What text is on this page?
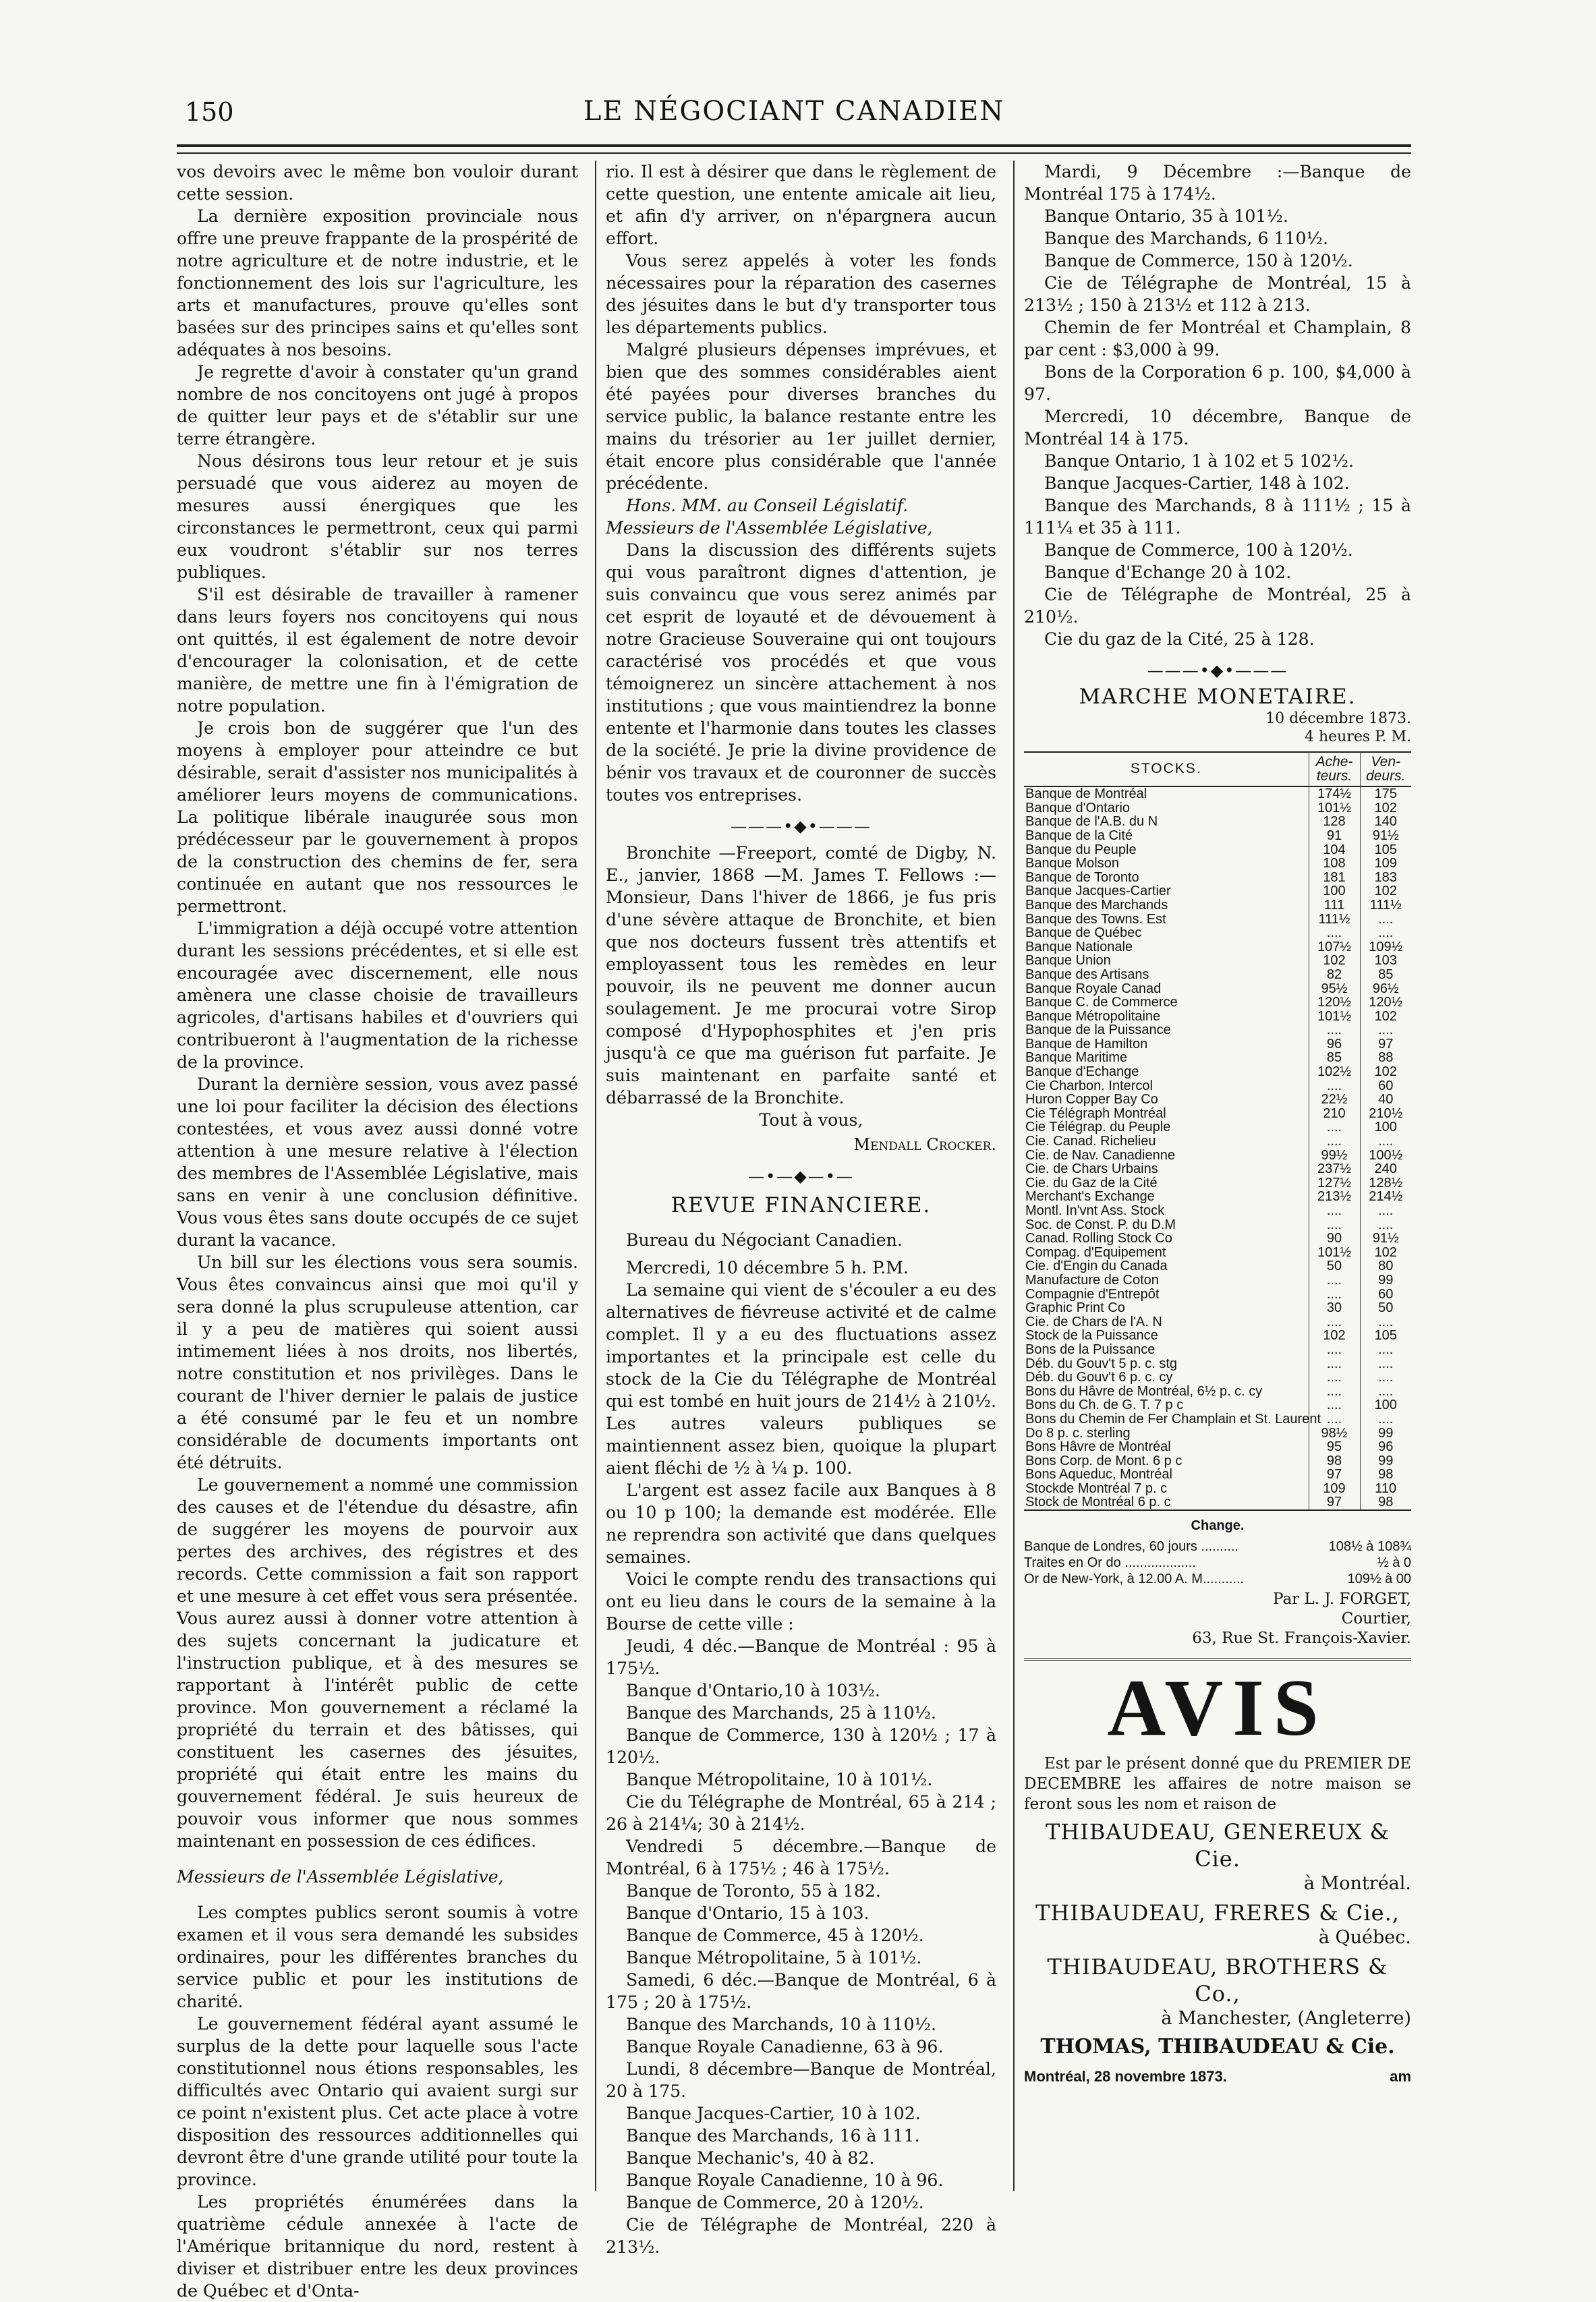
150	LE NÉGOCIANT CANADIEN

vos devoirs avec le même bon vouloir durant cette session.

La dernière exposition provinciale nous offre une preuve frappante de la prospérité de notre agriculture et de notre industrie, et le fonctionnement des lois sur l'agriculture, les arts et manufactures, prouve qu'elles sont basées sur des principes sains et qu'elles sont adéquates à nos besoins.

Je regrette d'avoir à constater qu'un grand nombre de nos concitoyens ont jugé à propos de quitter leur pays et de s'établir sur une terre étrangère.

Nous désirons tous leur retour et je suis persuadé que vous aiderez au moyen de mesures aussi énergiques que les circonstances le permettront, ceux qui parmi eux voudront s'établir sur nos terres publiques.

S'il est désirable de travailler à ramener dans leurs foyers nos concitoyens qui nous ont quittés, il est également de notre devoir d'encourager la colonisation, et de cette manière, de mettre une fin à l'émigration de notre population.

Je crois bon de suggérer que l'un des moyens à employer pour atteindre ce but désirable, serait d'assister nos municipalités à améliorer leurs moyens de communications. La politique libérale inaugurée sous mon prédécesseur par le gouvernement à propos de la construction des chemins de fer, sera continuée en autant que nos ressources le permettront.

L'immigration a déjà occupé votre attention durant les sessions précédentes, et si elle est encouragée avec discernement, elle nous amènera une classe choisie de travailleurs agricoles, d'artisans habiles et d'ouvriers qui contribueront à l'augmentation de la richesse de la province.

Durant la dernière session, vous avez passé une loi pour faciliter la décision des élections contestées, et vous avez aussi donné votre attention à une mesure relative à l'élection des membres de l'Assemblée Législative, mais sans en venir à une conclusion définitive. Vous vous êtes sans doute occupés de ce sujet durant la vacance.

Un bill sur les élections vous sera soumis. Vous êtes convaincus ainsi que moi qu'il y sera donné la plus scrupuleuse attention, car il y a peu de matières qui soient aussi intimement liées à nos droits, nos libertés, notre constitution et nos privilèges. Dans le courant de l'hiver dernier le palais de justice a été consumé par le feu et un nombre considérable de documents importants ont été détruits.

Le gouvernement a nommé une commission des causes et de l'étendue du désastre, afin de suggérer les moyens de pourvoir aux pertes des archives, des régistres et des records. Cette commission a fait son rapport et une mesure à cet effet vous sera présentée. Vous aurez aussi à donner votre attention à des sujets concernant la judicature et l'instruction publique, et à des mesures se rapportant à l'intérêt public de cette province. Mon gouvernement a réclamé la propriété du terrain et des bâtisses, qui constituent les casernes des jésuites, propriété qui était entre les mains du gouvernement fédéral. Je suis heureux de pouvoir vous informer que nous sommes maintenant en possession de ces édifices.

Messieurs de l'Assemblée Législative,

Les comptes publics seront soumis à votre examen et il vous sera demandé les subsides ordinaires, pour les différentes branches du service public et pour les institutions de charité.

Le gouvernement fédéral ayant assumé le surplus de la dette pour laquelle sous l'acte constitutionnel nous étions responsables, les difficultés avec Ontario qui avaient surgi sur ce point n'existent plus. Cet acte place à votre disposition des ressources additionnelles qui devront être d'une grande utilité pour toute la province.

Les propriétés énumérées dans la quatrième cédule annexée à l'acte de l'Amérique britannique du nord, restent à diviser et distribuer entre les deux provinces de Québec et d'Onta-

rio. Il est à désirer que dans le règlement de cette question, une entente amicale ait lieu, et afin d'y arriver, on n'épargnera aucun effort.

Vous serez appelés à voter les fonds nécessaires pour la réparation des casernes des jésuites dans le but d'y transporter tous les départements publics.

Malgré plusieurs dépenses imprévues, et bien que des sommes considérables aient été payées pour diverses branches du service public, la balance restante entre les mains du trésorier au 1er juillet dernier, était encore plus considérable que l'année précédente.

Hons. MM. au Conseil Législatif.

Messieurs de l'Assemblée Législative,

Dans la discussion des différents sujets qui vous paraîtront dignes d'attention, je suis convaincu que vous serez animés par cet esprit de loyauté et de dévouement à notre Gracieuse Souveraine qui ont toujours caractérisé vos procédés et que vous témoignerez un sincère attachement à nos institutions ; que vous maintiendrez la bonne entente et l'harmonie dans toutes les classes de la société. Je prie la divine providence de bénir vos travaux et de couronner de succès toutes vos entreprises.

———•◆•———

Bronchite —Freeport, comté de Digby, N. E., janvier, 1868 —M. James T. Fellows :— Monsieur, Dans l'hiver de 1866, je fus pris d'une sévère attaque de Bronchite, et bien que nos docteurs fussent très attentifs et employassent tous les remèdes en leur pouvoir, ils ne peuvent me donner aucun soulagement. Je me procurai votre Sirop composé d'Hypophosphites et j'en pris jusqu'à ce que ma guérison fut parfaite. Je suis maintenant en parfaite santé et débarrassé de la Bronchite.

Tout à vous,

Mendall Crocker.
—•—◆—•—
REVUE FINANCIERE.

Bureau du Négociant Canadien.

Mercredi, 10 décembre 5 h. P.M.

La semaine qui vient de s'écouler a eu des alternatives de fiévreuse activité et de calme complet. Il y a eu des fluctuations assez importantes et la principale est celle du stock de la Cie du Télégraphe de Montréal qui est tombé en huit jours de 214½ à 210½. Les autres valeurs publiques se maintiennent assez bien, quoique la plupart aient fléchi de ½ à ¼ p. 100.

L'argent est assez facile aux Banques à 8 ou 10 p 100; la demande est modérée. Elle ne reprendra son activité que dans quelques semaines.

Voici le compte rendu des transactions qui ont eu lieu dans le cours de la semaine à la Bourse de cette ville :

Jeudi, 4 déc.—Banque de Montréal : 95 à 175½.

Banque d'Ontario,10 à 103½.

Banque des Marchands, 25 à 110½.

Banque de Commerce, 130 à 120½ ; 17 à 120½.

Banque Métropolitaine, 10 à 101½.

Cie du Télégraphe de Montréal, 65 à 214 ; 26 à 214¼; 30 à 214½.

Vendredi 5 décembre.—Banque de Montréal, 6 à 175½ ; 46 à 175½.

Banque de Toronto, 55 à 182.

Banque d'Ontario, 15 à 103.

Banque de Commerce, 45 à 120½.

Banque Métropolitaine, 5 à 101½.

Samedi, 6 déc.—Banque de Montréal, 6 à 175 ; 20 à 175½.

Banque des Marchands, 10 à 110½.

Banque Royale Canadienne, 63 à 96.

Lundi, 8 décembre—Banque de Montréal, 20 à 175.

Banque Jacques-Cartier, 10 à 102.

Banque des Marchands, 16 à 111.

Banque Mechanic's, 40 à 82.

Banque Royale Canadienne, 10 à 96.

Banque de Commerce, 20 à 120½.

Cie de Télégraphe de Montréal, 220 à 213½.

Mardi, 9 Décembre :—Banque de Montréal 175 à 174½.

Banque Ontario, 35 à 101½.

Banque des Marchands, 6 110½.

Banque de Commerce, 150 à 120½.

Cie de Télégraphe de Montréal, 15 à 213½ ; 150 à 213½ et 112 à 213.

Chemin de fer Montréal et Champlain, 8 par cent : $3,000 à 99.

Bons de la Corporation 6 p. 100, $4,000 à 97.

Mercredi, 10 décembre, Banque de Montréal 14 à 175.

Banque Ontario, 1 à 102 et 5 102½.

Banque Jacques-Cartier, 148 à 102.

Banque des Marchands, 8 à 111½ ; 15 à 111¼ et 35 à 111.

Banque de Commerce, 100 à 120½.

Banque d'Echange 20 à 102.

Cie de Télégraphe de Montréal, 25 à 210½.

Cie du gaz de la Cité, 25 à 128.

———•◆•———
MARCHE MONETAIRE.
10 décembre 1873.
4 heures P. M.
STOCKS.	Ache-teurs.	Ven-deurs.
Banque de Montréal	174½	175
Banque d'Ontario	101½	102
Banque de l'A.B. du N	128	140
Banque de la Cité	91	91½
Banque du Peuple	104	105
Banque Molson	108	109
Banque de Toronto	181	183
Banque Jacques-Cartier	100	102
Banque des Marchands	111	111½
Banque des Towns. Est	111½	....
Banque de Québec	....	....
Banque Nationale	107½	109½
Banque Union	102	103
Banque des Artisans	82	85
Banque Royale Canad	95½	96½
Banque C. de Commerce	120½	120½
Banque Métropolitaine	101½	102
Banque de la Puissance	....	....
Banque de Hamilton	96	97
Banque Maritime	85	88
Banque d'Echange	102½	102
Cie Charbon. Intercol	....	60
Huron Copper Bay Co	22½	40
Cie Télégraph Montréal	210	210½
Cie Télégrap. du Peuple	....	100
Cie. Canad. Richelieu	....	....
Cie. de Nav. Canadienne	99½	100½
Cie. de Chars Urbains	237½	240
Cie. du Gaz de la Cité	127½	128½
Merchant's Exchange	213½	214½
Montl. In'vnt Ass. Stock	....	....
Soc. de Const. P. du D.M	....	....
Canad. Rolling Stock Co	90	91½
Compag. d'Equipement	101½	102
Cie. d'Engin du Canada	50	80
Manufacture de Coton	....	99
Compagnie d'Entrepôt	....	60
Graphic Print Co	30	50
Cie. de Chars de l'A. N	....	....
Stock de la Puissance	102	105
Bons de la Puissance	....	....
Déb. du Gouv't 5 p. c. stg	....	....
Déb. du Gouv't 6 p. c. cy	....	....
Bons du Hâvre de Montréal, 6½ p. c. cy	....	....
Bons du Ch. de G. T. 7 p c	....	100
Bons du Chemin de Fer Champlain et St. Laurent	....	....
Do 8 p. c. sterling	98½	99
Bons Hâvre de Montréal	95	96
Bons Corp. de Mont. 6 p c	98	99
Bons Aqueduc, Montréal	97	98
Stockde Montréal 7 p. c	109	110
Stock de Montréal 6 p. c	97	98
Change.
Banque de Londres, 60 jours ..........	108½ à 108¾
Traites en Or do ...................	½ à 0
Or de New-York, à 12.00 A. M...........	109½ à 00
Par L. J. FORGET,
Courtier,
63, Rue St. François-Xavier.
AVIS
Est par le présent donné que du PREMIER DE DECEMBRE les affaires de notre maison se feront sous les nom et raison de
THIBAUDEAU, GENEREUX & Cie.
à Montréal.
THIBAUDEAU, FRERES & Cie.,
à Québec.
THIBAUDEAU, BROTHERS & Co.,
à Manchester, (Angleterre)
THOMAS, THIBAUDEAU & Cie.
Montréal, 28 novembre 1873.	am
